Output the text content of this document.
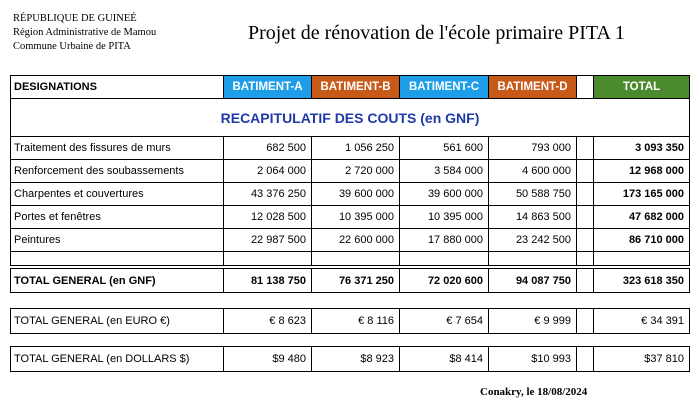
RÉPUBLIQUE DE GUINEÉ
Région Administrative de Mamou
Commune Urbaine de PITA
Projet de rénovation de l'école primaire PITA 1
DESIGNATIONS	BATIMENT-A	BATIMENT-B	BATIMENT-C	BATIMENT-D	TOTAL
RECAPITULATIF DES COUTS (en GNF)
Traitement des fissures de murs	682 500	1 056 250	561 600	793 000	3 093 350
Renforcement des soubassements	2 064 000	2 720 000	3 584 000	4 600 000	12 968 000
Charpentes et couvertures	43 376 250	39 600 000	39 600 000	50 588 750	173 165 000
Portes et fenêtres	12 028 500	10 395 000	10 395 000	14 863 500	47 682 000
Peintures	22 987 500	22 600 000	17 880 000	23 242 500	86 710 000
TOTAL GENERAL (en GNF)	81 138 750	76 371 250	72 020 600	94 087 750	323 618 350
TOTAL GENERAL (en EURO €)	€ 8 623	€ 8 116	€ 7 654	€ 9 999	€ 34 391
TOTAL GENERAL (en DOLLARS $)	$9 480	$8 923	$8 414	$10 993	$37 810
Conakry, le 18/08/2024
